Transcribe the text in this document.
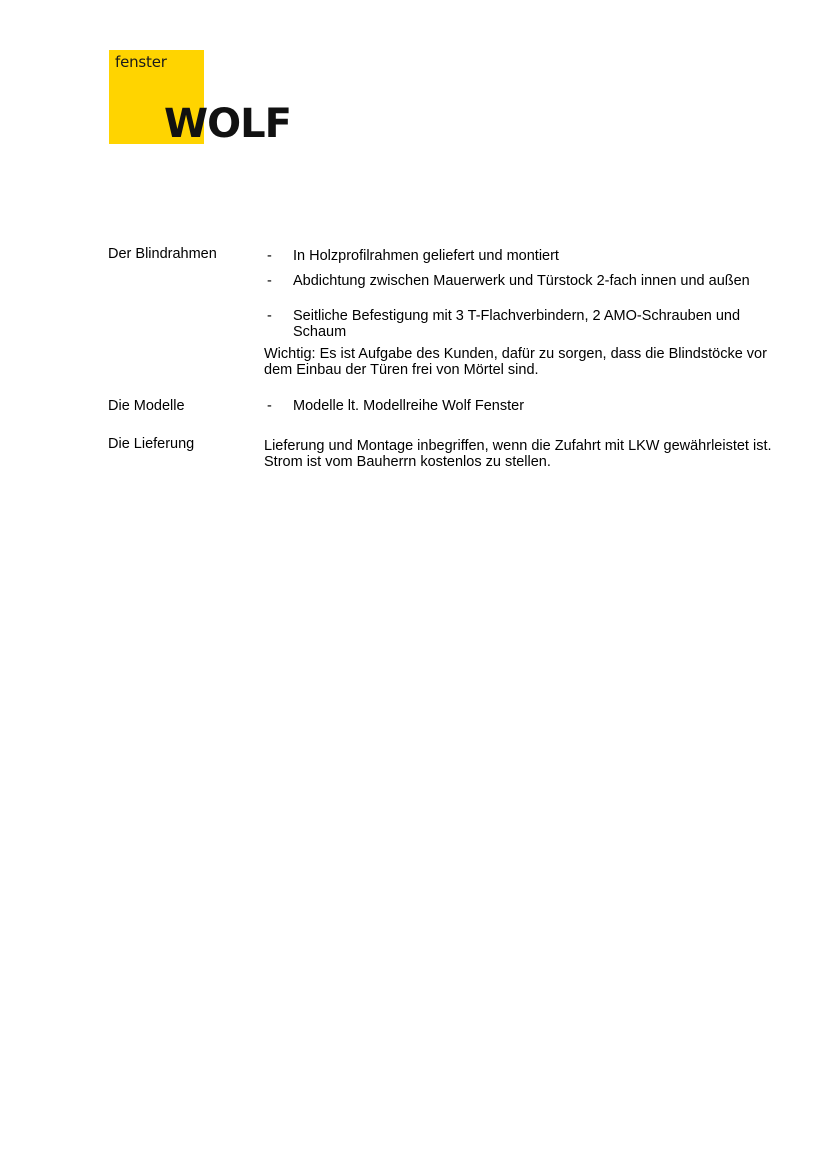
fenster
WOLF
Der Blindrahmen	- In Holzprofilrahmen geliefert und montiert
- Abdichtung zwischen Mauerwerk und Türstock 2-fach innen und außen
- Seitliche Befestigung mit 3 T-Flachverbindern, 2 AMO-Schrauben und Schaum
Wichtig: Es ist Aufgabe des Kunden, dafür zu sorgen, dass die Blindstöcke vor dem Einbau der Türen frei von Mörtel sind.
Die Modelle	- Modelle lt. Modellreihe Wolf Fenster
Die Lieferung	Lieferung und Montage inbegriffen, wenn die Zufahrt mit LKW gewährleistet ist. Strom ist vom Bauherrn kostenlos zu stellen.
